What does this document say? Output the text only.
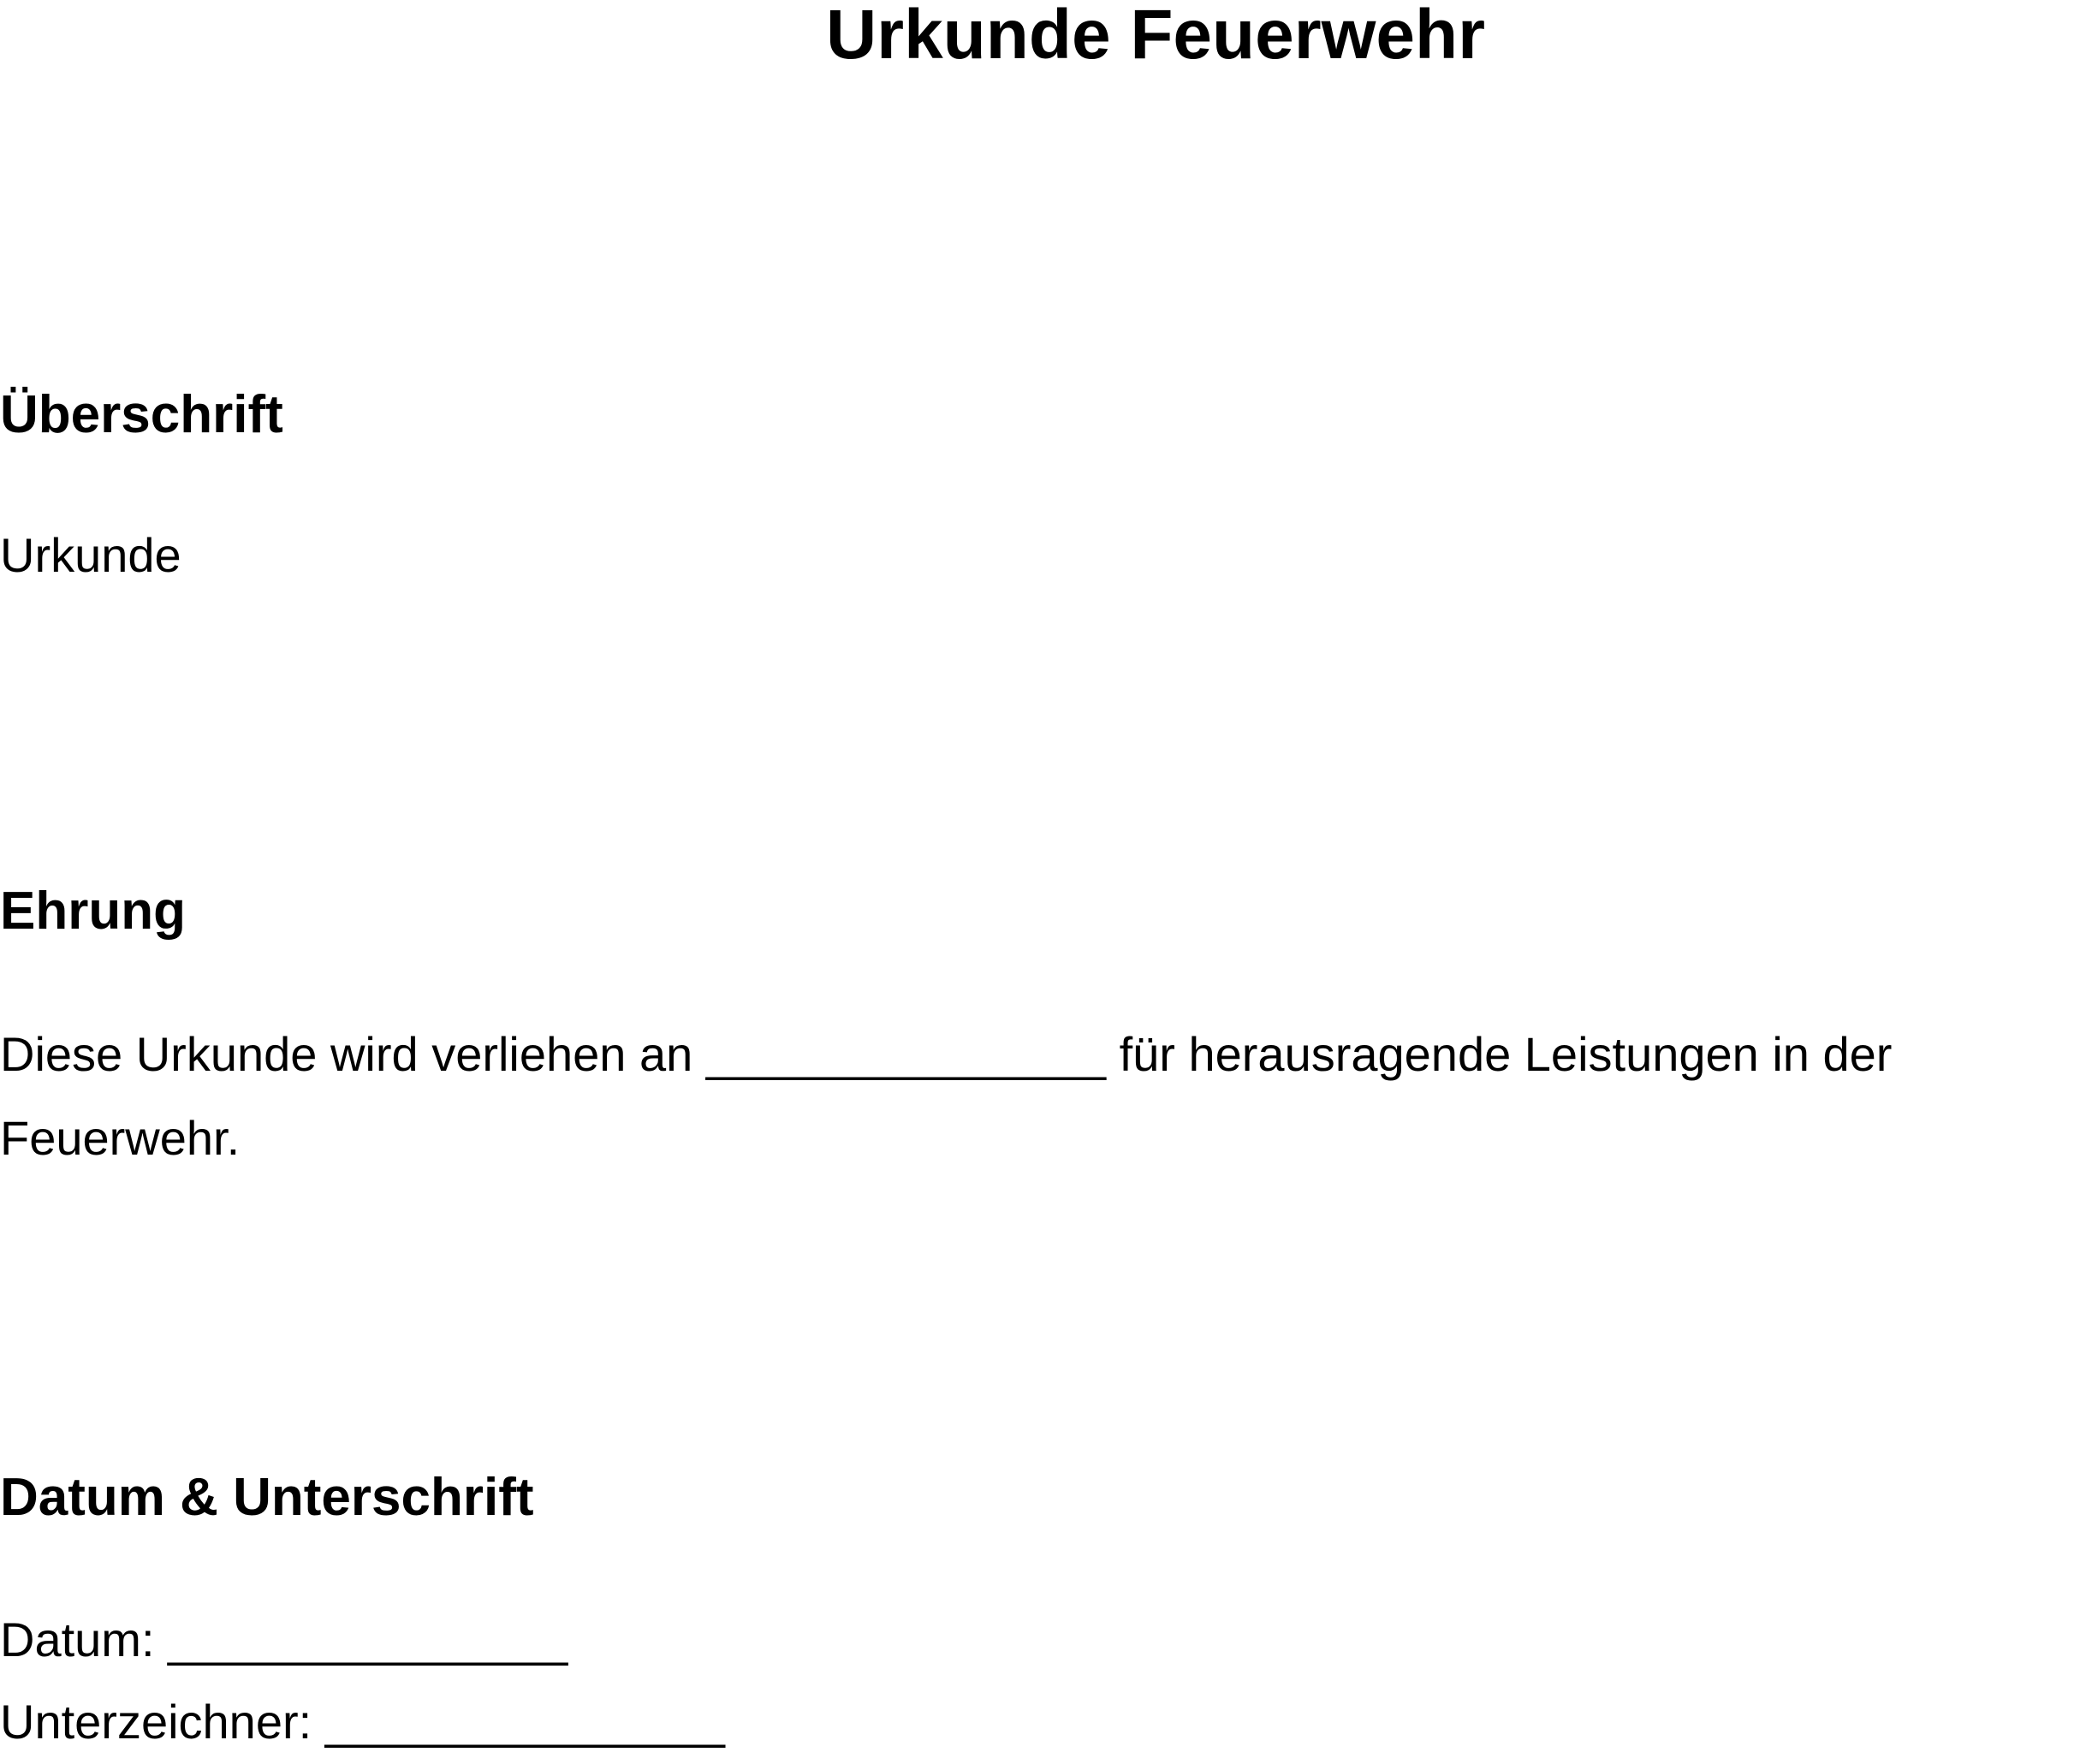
Urkunde Feuerwehr
Überschrift

Urkunde

Ehrung

Diese Urkunde wird verliehen an _______________ für herausragende Leistungen in der Feuerwehr.

Datum & Unterschrift

Datum: _______________

Unterzeichner: _______________
